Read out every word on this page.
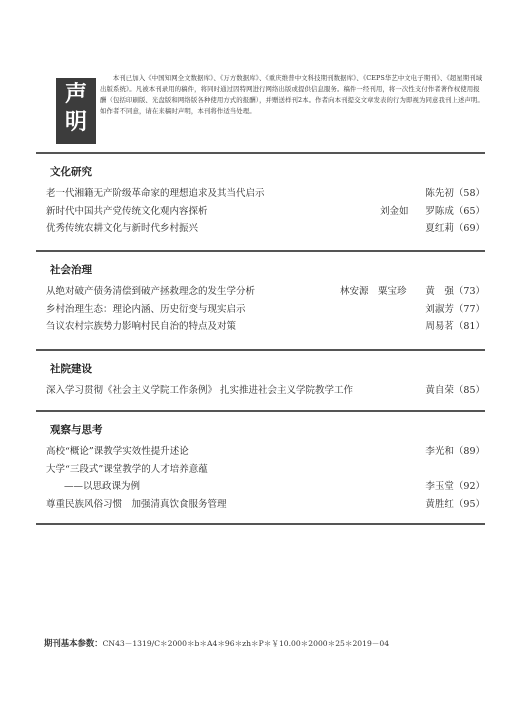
声
明
本刊已加入《中国知网全文数据库》、《万方数据库》、《重庆维普中文科技期刊数据库》、《CEPS华艺中文电子期刊》、《超星期刊域出版系统》。凡被本刊录用的稿件，将同时通过因特网进行网络出版或提供信息服务。稿件一经刊用，将一次性支付作者著作权使用报酬（包括印刷版、光盘版和网络版各种使用方式的报酬），并赠送样刊2本。作者向本刊提交文章发表的行为即视为同意我刊上述声明。如作者不同意，请在来稿时声明，本刊将作适当处理。
文化研究
老一代湘籍无产阶级革命家的理想追求及其当代启示	陈先初（58）
新时代中国共产党传统文化观内容探析	刘金如 罗陈成（65）
优秀传统农耕文化与新时代乡村振兴	夏红莉（69）
社会治理
从绝对破产债务清偿到破产拯救理念的发生学分析	林安源　粟宝珍 黄　强（73）
乡村治理生态：理论内涵、历史衍变与现实启示	刘淑芳（77）
刍议农村宗族势力影响村民自治的特点及对策	周易茗（81）
社院建设
深入学习贯彻《社会主义学院工作条例》 扎实推进社会主义学院教学工作	黄自荣（85）
观察与思考
高校“概论”课教学实效性提升述论	李光和（89）
大学“三段式”课堂教学的人才培养意蕴
——以思政课为例	李玉堂（92）
尊重民族风俗习惯　加强清真饮食服务管理	黄胜红（95）
期刊基本参数：CN43－1319/C＊2000＊b＊A4＊96＊zh＊P＊￥10.00＊2000＊25＊2019－04
